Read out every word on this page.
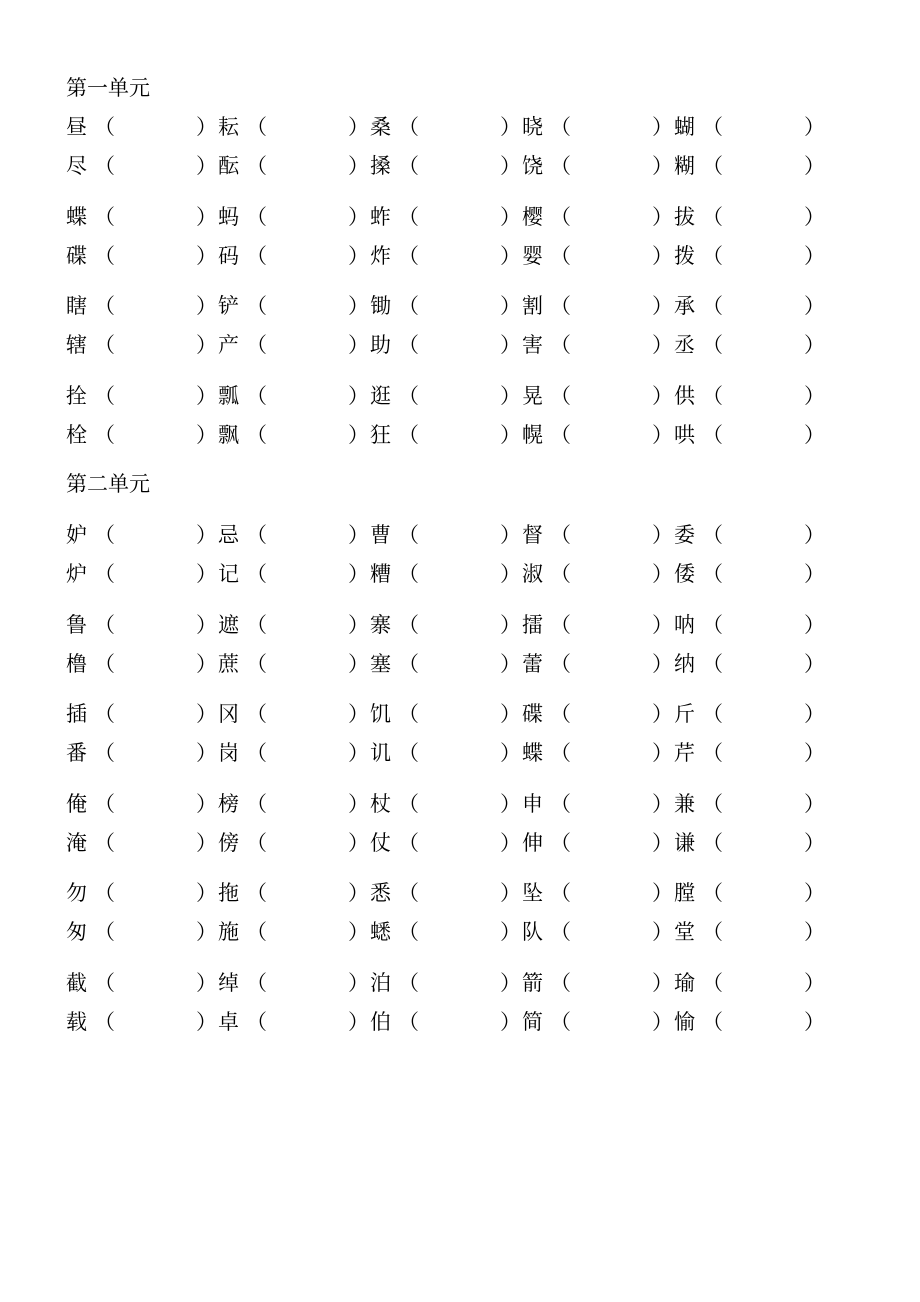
第一单元
昼 （	） 耘 （	） 桑 （	） 晓 （	） 蝴 （	）
尽 （	） 酝 （	） 搡 （	） 饶 （	） 糊 （	）
蝶 （	） 蚂 （	） 蚱 （	） 樱 （	） 拔 （	）
碟 （	） 码 （	） 炸 （	） 婴 （	） 拨 （	）
瞎 （	） 铲 （	） 锄 （	） 割 （	） 承 （	）
辖 （	） 产 （	） 助 （	） 害 （	） 丞 （	）
拴 （	） 瓢 （	） 逛 （	） 晃 （	） 供 （	）
栓 （	） 飘 （	） 狂 （	） 幌 （	） 哄 （	）
第二单元
妒 （	） 忌 （	） 曹 （	） 督 （	） 委 （	）
炉 （	） 记 （	） 糟 （	） 淑 （	） 倭 （	）
鲁 （	） 遮 （	） 寨 （	） 擂 （	） 呐 （	）
橹 （	） 蔗 （	） 塞 （	） 蕾 （	） 纳 （	）
插 （	） 冈 （	） 饥 （	） 碟 （	） 斤 （	）
番 （	） 岗 （	） 讥 （	） 蝶 （	） 芹 （	）
俺 （	） 榜 （	） 杖 （	） 申 （	） 兼 （	）
淹 （	） 傍 （	） 仗 （	） 伸 （	） 谦 （	）
勿 （	） 拖 （	） 悉 （	） 坠 （	） 膛 （	）
匆 （	） 施 （	） 蟋 （	） 队 （	） 堂 （	）
截 （	） 绰 （	） 泊 （	） 箭 （	） 瑜 （	）
载 （	） 卓 （	） 伯 （	） 简 （	） 愉 （	）
